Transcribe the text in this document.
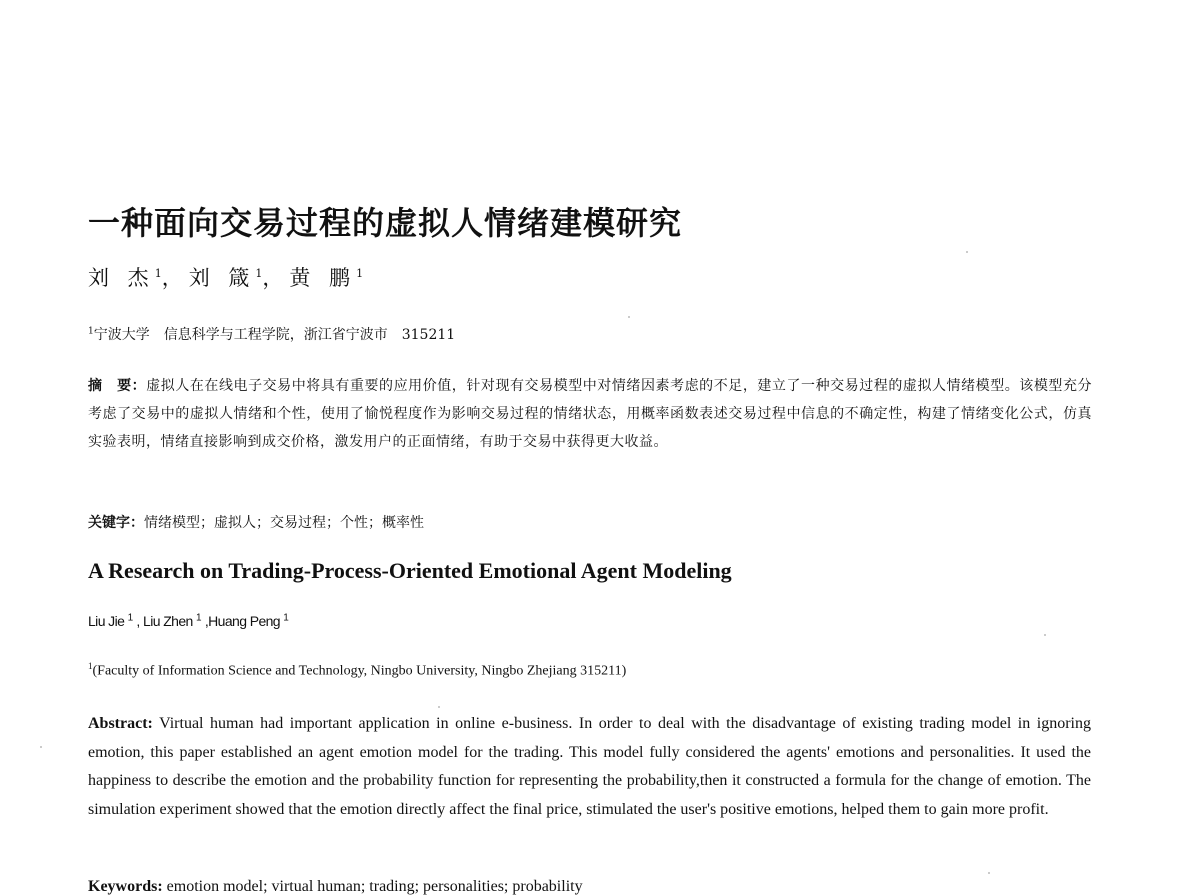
一种面向交易过程的虚拟人情绪建模研究
刘 杰$^1$，刘 箴$^1$，黄 鹏$^1$
$^1$宁波大学　信息科学与工程学院，浙江省宁波市　315211
摘　要：虚拟人在在线电子交易中将具有重要的应用价值，针对现有交易模型中对情绪因素考虑的不足，建立了一种交易过程的虚拟人情绪模型。该模型充分考虑了交易中的虚拟人情绪和个性，使用了愉悦程度作为影响交易过程的情绪状态，用概率函数表述交易过程中信息的不确定性，构建了情绪变化公式，仿真实验表明，情绪直接影响到成交价格，激发用户的正面情绪，有助于交易中获得更大收益。
关键字：情绪模型；虚拟人；交易过程；个性；概率性
A Research on Trading-Process-Oriented Emotional Agent Modeling
Liu Jie $^1$ , Liu Zhen $^1$ ,Huang Peng $^1$
$^1$(Faculty of Information Science and Technology, Ningbo University, Ningbo Zhejiang 315211)
Abstract: Virtual human had important application in online e-business. In order to deal with the disadvantage of existing trading model in ignoring emotion, this paper established an agent emotion model for the trading. This model fully considered the agents' emotions and personalities. It used the happiness to describe the emotion and the probability function for representing the probability,then it constructed a formula for the change of emotion. The simulation experiment showed that the emotion directly affect the final price, stimulated the user's positive emotions, helped them to gain more profit.
Keywords: emotion model; virtual human; trading; personalities; probability
